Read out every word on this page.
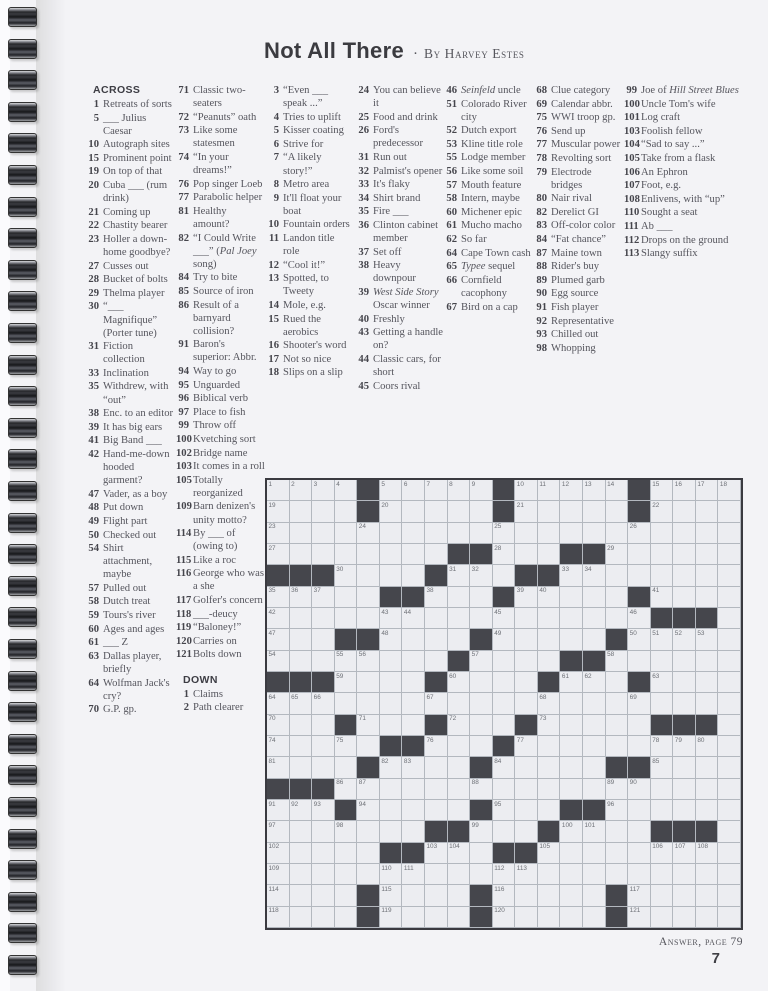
Not All There · By Harvey Estes
ACROSS
1 Retreats of sorts
5 ___ Julius Caesar
10 Autograph sites
15 Prominent point
19 On top of that
20 Cuba ___ (rum drink)
21 Coming up
22 Chastity bearer
23 Holler a down-home goodbye?
27 Cusses out
28 Bucket of bolts
29 Thelma player
30 “___ Magnifique” (Porter tune)
31 Fiction collection
33 Inclination
35 Withdrew, with “out”
38 Enc. to an editor
39 It has big ears
41 Big Band ___
42 Hand-me-down hooded garment?
47 Vader, as a boy
48 Put down
49 Flight part
50 Checked out
54 Shirt attachment, maybe
57 Pulled out
58 Dutch treat
59 Tours's river
60 Ages and ages
61 ___ Z
63 Dallas player, briefly
64 Wolfman Jack's cry?
70 G.P. gp.
71 Classic two-seaters
72 “Peanuts” oath
73 Like some statesmen
74 “In your dreams!”
76 Pop singer Loeb
77 Parabolic helper
81 Healthy amount?
82 “I Could Write ___” (Pal Joey song)
84 Try to bite
85 Source of iron
86 Result of a barnyard collision?
91 Baron's superior: Abbr.
94 Way to go
95 Unguarded
96 Biblical verb
97 Place to fish
99 Throw off
100 Kvetching sort
102 Bridge name
103 It comes in a roll
105 Totally reorganized
109 Barn denizen's unity motto?
114 By ___ of (owing to)
115 Like a roc
116 George who was a she
117 Golfer's concern
118 ___-deucy
119 “Baloney!”
120 Carries on
121 Bolts down
DOWN
1 Claims
2 Path clearer
3 “Even ___ speak ...”
4 Tries to uplift
5 Kisser coating
6 Strive for
7 “A likely story!”
8 Metro area
9 It'll float your boat
10 Fountain orders
11 Landon title role
12 “Cool it!”
13 Spotted, to Tweety
14 Mole, e.g.
15 Rued the aerobics
16 Shooter's word
17 Not so nice
18 Slips on a slip
24 You can believe it
25 Food and drink
26 Ford's predecessor
31 Run out
32 Palmist's opener
33 It's flaky
34 Shirt brand
35 Fire ___
36 Clinton cabinet member
37 Set off
38 Heavy downpour
39 West Side Story Oscar winner
40 Freshly
43 Getting a handle on?
44 Classic cars, for short
45 Coors rival
46 Seinfeld uncle
51 Colorado River city
52 Dutch export
53 Kline title role
55 Lodge member
56 Like some soil
57 Mouth feature
58 Intern, maybe
60 Michener epic
61 Mucho macho
62 So far
64 Cape Town cash
65 Typee sequel
66 Cornfield cacophony
67 Bird on a cap
68 Clue category
69 Calendar abbr.
75 WWI troop gp.
76 Send up
77 Muscular power
78 Revolting sort
79 Electrode bridges
80 Nair rival
82 Derelict GI
83 Off-color color
84 “Fat chance”
87 Maine town
88 Rider's buy
89 Plumed garb
90 Egg source
91 Fish player
92 Representative
93 Chilled out
98 Whopping
99 Joe of Hill Street Blues
100 Uncle Tom's wife
101 Log craft
103 Foolish fellow
104 “Sad to say ...”
105 Take from a flask
106 An Ephron
107 Foot, e.g.
108 Enlivens, with “up”
110 Sought a seat
111 Ab ___
112 Drops on the ground
113 Slangy suffix
1	2	3	4	5	6	7	8	9	10 11 12 13 14	15 16 17 18
19	20	21	22
23	24	25	26
27	28	29
30	31 32	33 34
35 36 37	38	39 40	41
42	43 44	45	46
47	48	49	50 51 52 53
54	55 56	57	58
59	60	61 62	63
64 65 66	67	68	69
70	71	72	73
74	75	76	77	78 79 80
81	82 83	84	85
86 87	88	89 90
91 92 93	94	95	96
97	98	99	100 101
102	103 104	105	106 107 108
109	110 111	112 113
114	115	116	117
118	119	120	121
Answer, page 79
7
